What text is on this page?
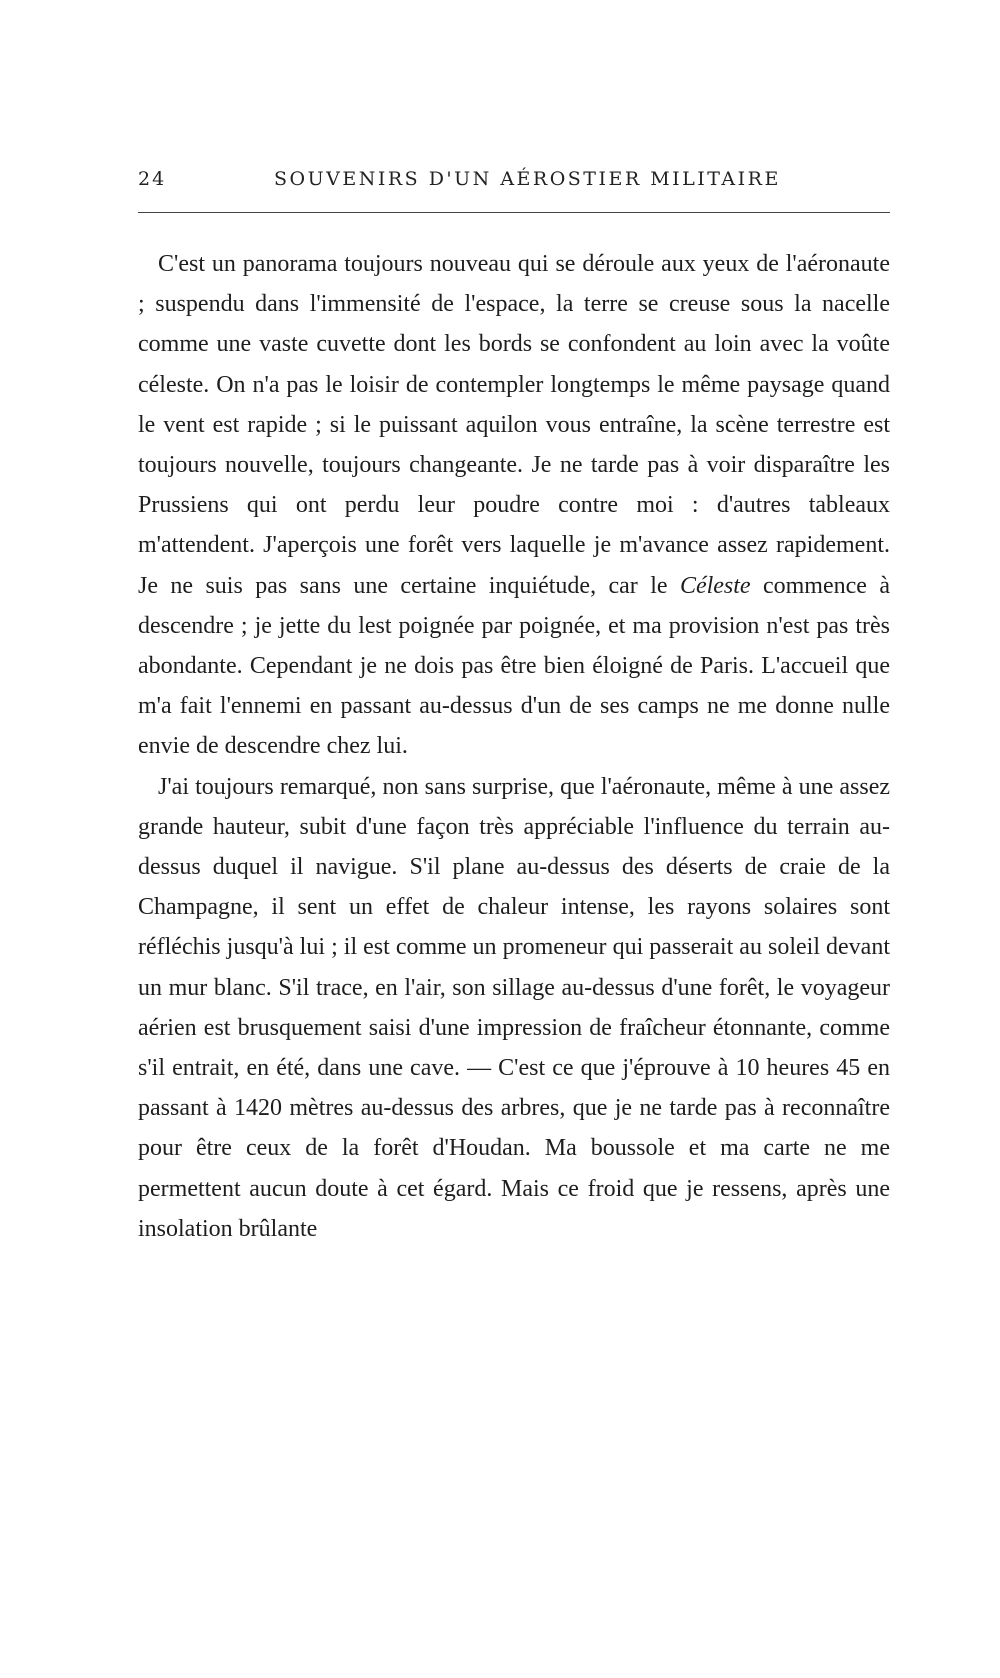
24	SOUVENIRS D'UN AÉROSTIER MILITAIRE

C'est un panorama toujours nouveau qui se déroule aux yeux de l'aéronaute ; suspendu dans l'immensité de l'espace, la terre se creuse sous la nacelle comme une vaste cuvette dont les bords se confondent au loin avec la voûte céleste. On n'a pas le loisir de contempler longtemps le même paysage quand le vent est rapide ; si le puissant aquilon vous entraîne, la scène terrestre est toujours nouvelle, toujours changeante. Je ne tarde pas à voir disparaître les Prussiens qui ont perdu leur poudre contre moi : d'autres tableaux m'attendent. J'aperçois une forêt vers laquelle je m'avance assez rapidement. Je ne suis pas sans une certaine inquiétude, car le Céleste commence à descendre ; je jette du lest poignée par poignée, et ma provision n'est pas très abondante. Cependant je ne dois pas être bien éloigné de Paris. L'accueil que m'a fait l'ennemi en passant au-dessus d'un de ses camps ne me donne nulle envie de descendre chez lui.

J'ai toujours remarqué, non sans surprise, que l'aéronaute, même à une assez grande hauteur, subit d'une façon très appréciable l'influence du terrain au-dessus duquel il navigue. S'il plane au-dessus des déserts de craie de la Champagne, il sent un effet de chaleur intense, les rayons solaires sont réfléchis jusqu'à lui ; il est comme un promeneur qui passerait au soleil devant un mur blanc. S'il trace, en l'air, son sillage au-dessus d'une forêt, le voyageur aérien est brusquement saisi d'une impression de fraîcheur étonnante, comme s'il entrait, en été, dans une cave. — C'est ce que j'éprouve à 10 heures 45 en passant à 1420 mètres au-dessus des arbres, que je ne tarde pas à reconnaître pour être ceux de la forêt d'Houdan. Ma boussole et ma carte ne me permettent aucun doute à cet égard. Mais ce froid que je ressens, après une insolation brûlante
